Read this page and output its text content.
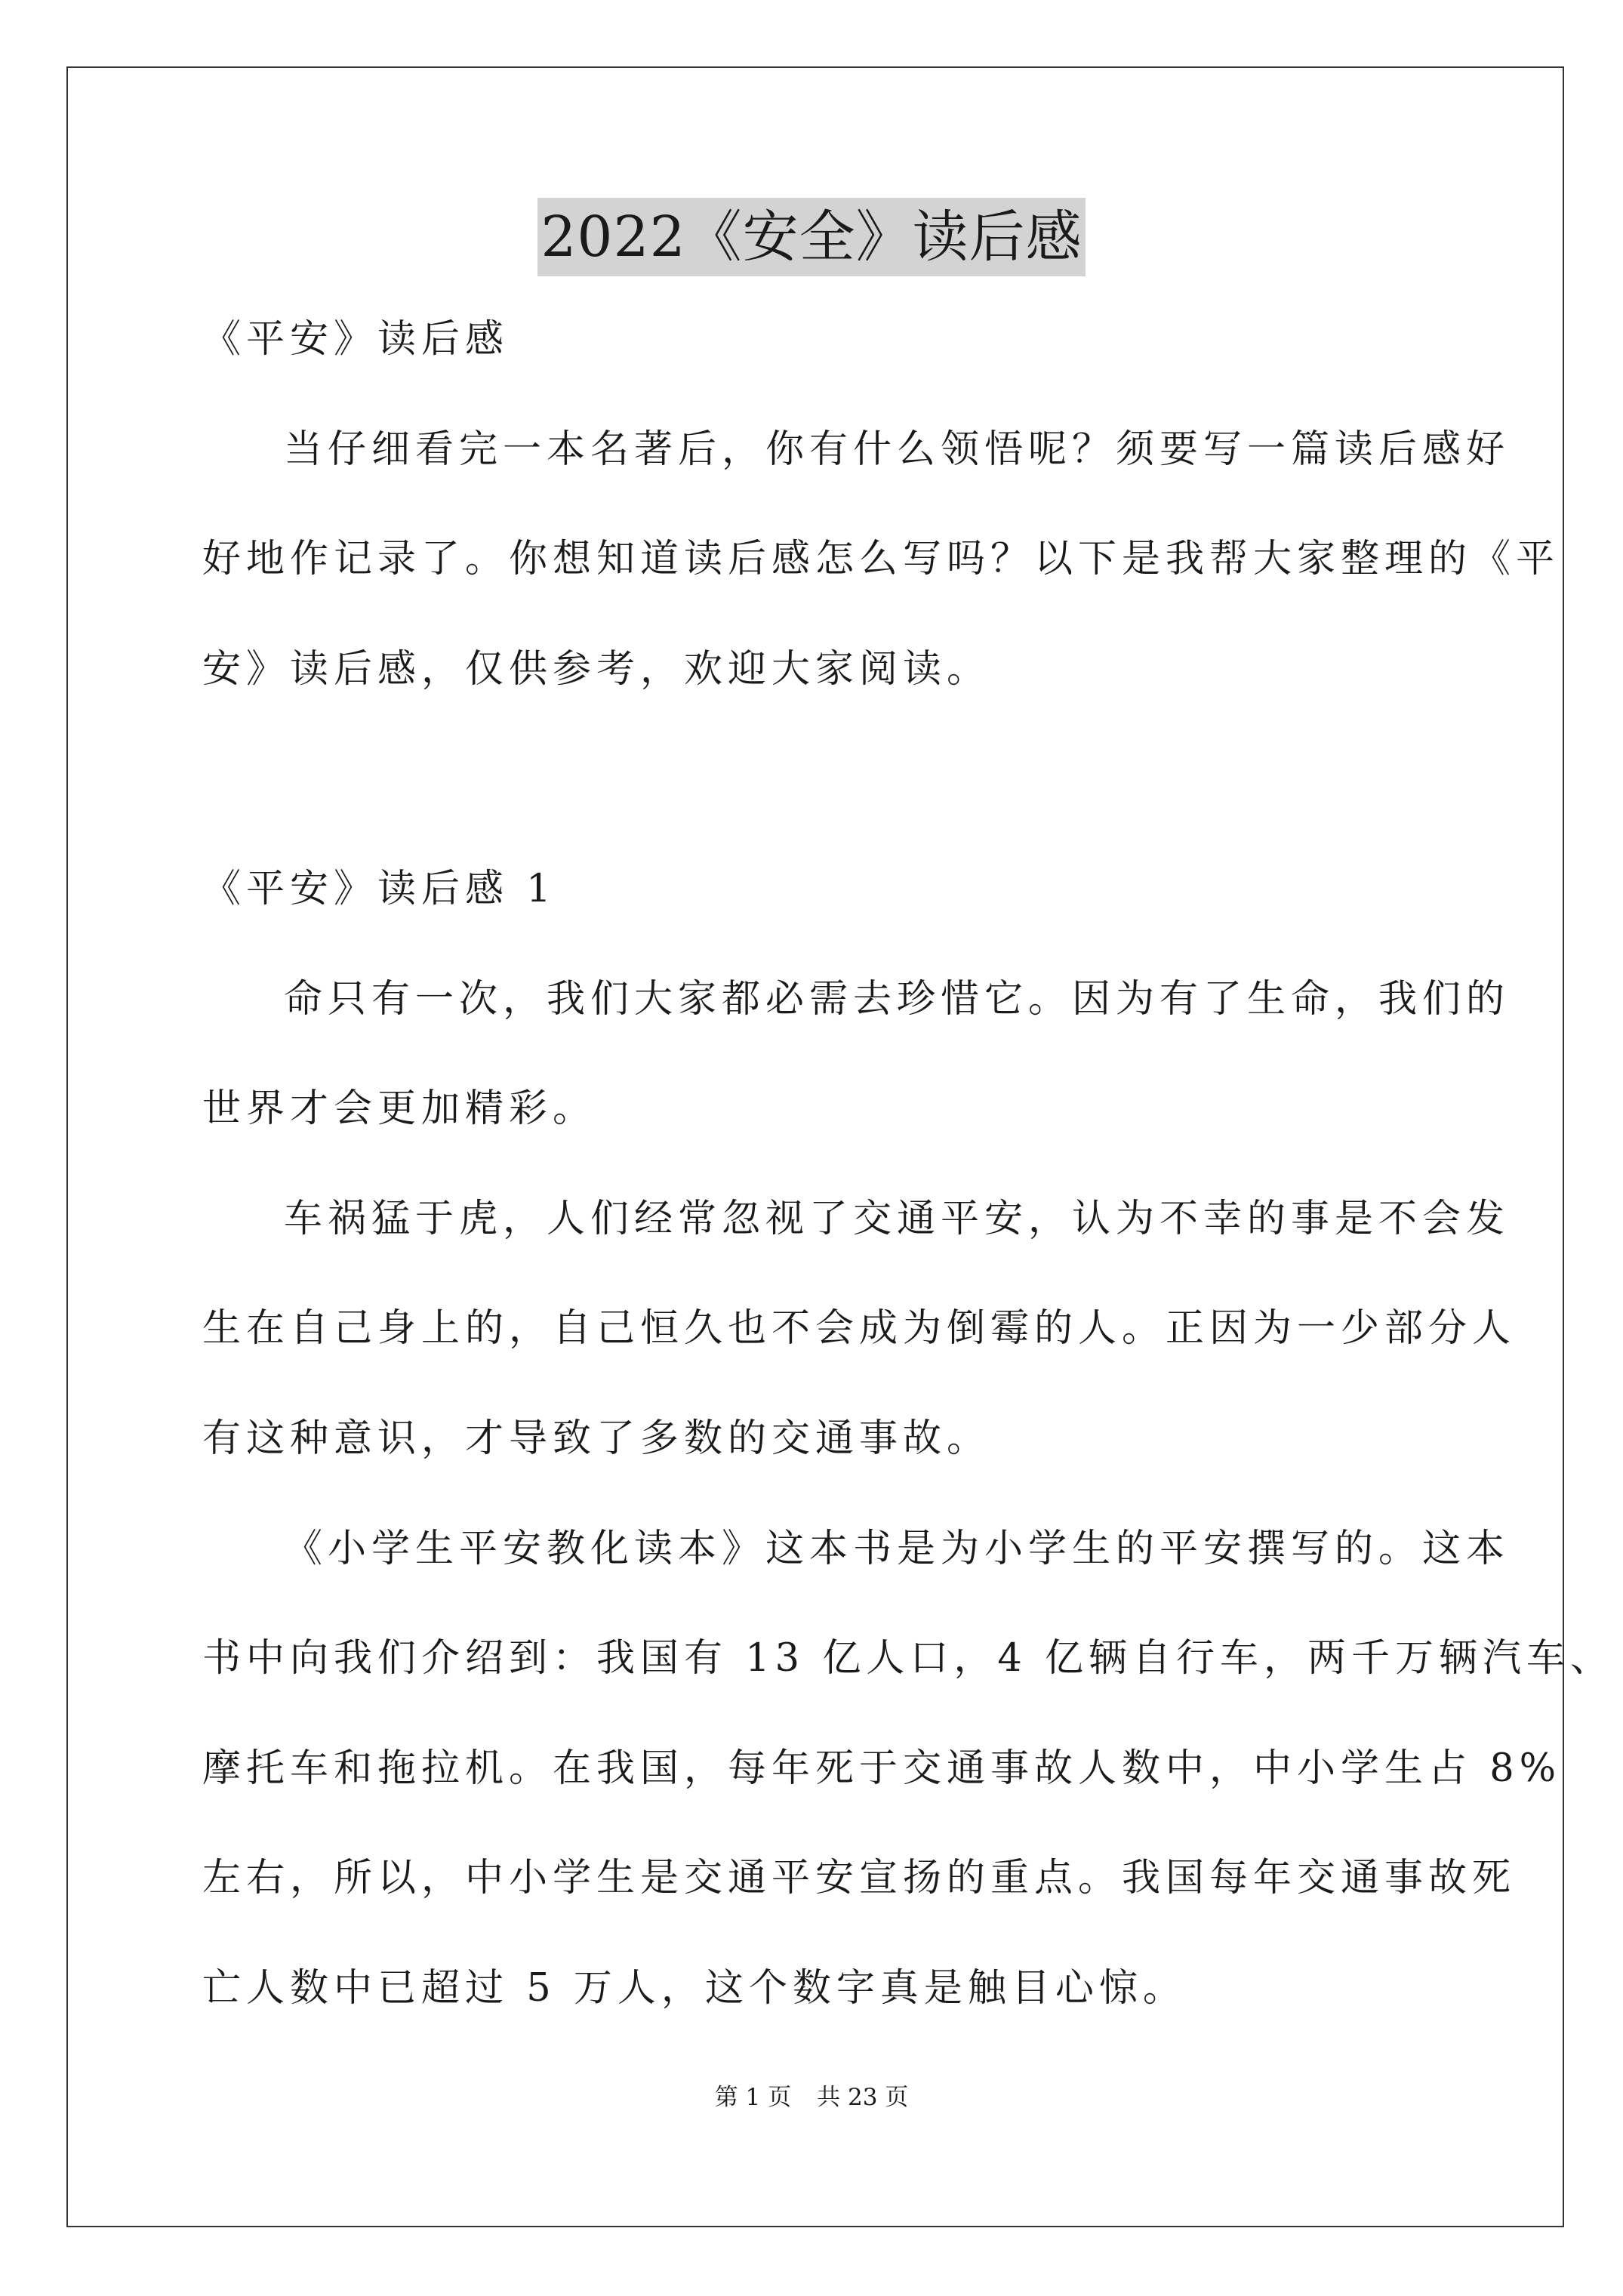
2022《安全》读后感
《平安》读后感
当仔细看完一本名著后，你有什么领悟呢？须要写一篇读后感好
好地作记录了。你想知道读后感怎么写吗？以下是我帮大家整理的《平
安》读后感，仅供参考，欢迎大家阅读。
《平安》读后感 1
命只有一次，我们大家都必需去珍惜它。因为有了生命，我们的
世界才会更加精彩。
车祸猛于虎，人们经常忽视了交通平安，认为不幸的事是不会发
生在自己身上的，自己恒久也不会成为倒霉的人。正因为一少部分人
有这种意识，才导致了多数的交通事故。
《小学生平安教化读本》这本书是为小学生的平安撰写的。这本
书中向我们介绍到：我国有 13 亿人口，4 亿辆自行车，两千万辆汽车、
摩托车和拖拉机。在我国，每年死于交通事故人数中，中小学生占 8%
左右，所以，中小学生是交通平安宣扬的重点。我国每年交通事故死
亡人数中已超过 5 万人，这个数字真是触目心惊。
第 1 页 共 23 页
